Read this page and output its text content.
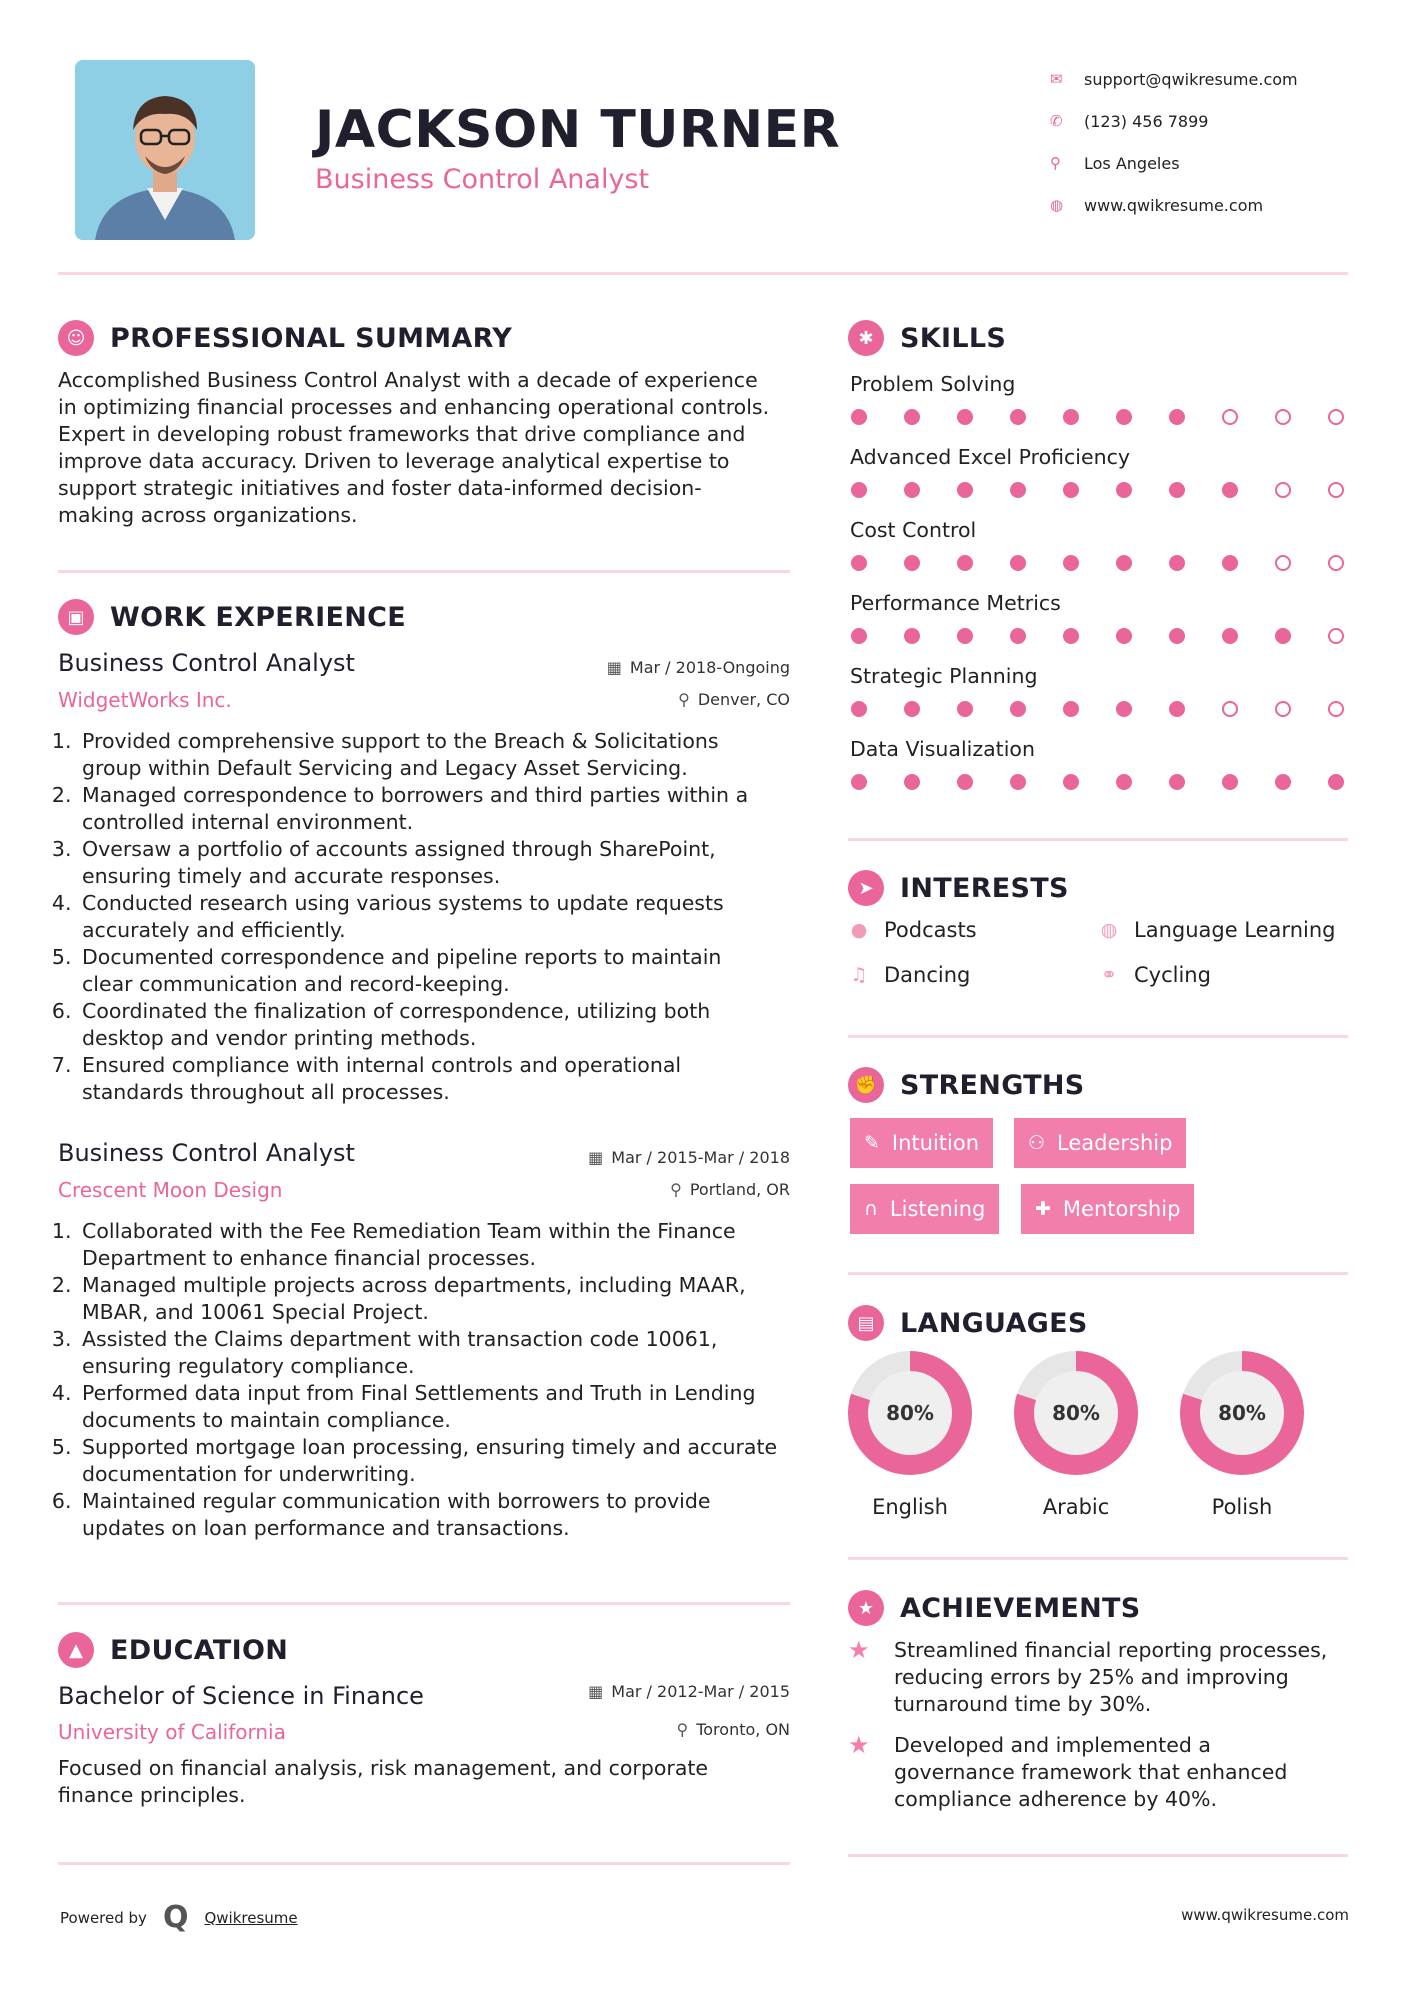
JACKSON TURNER
Business Control Analyst
✉	support@qwikresume.com
✆	(123) 456 7899
⚲	Los Angeles
◍	www.qwikresume.com
☺ PROFESSIONAL SUMMARY
Accomplished Business Control Analyst with a decade of experience
in optimizing financial processes and enhancing operational controls.
Expert in developing robust frameworks that drive compliance and
improve data accuracy. Driven to leverage analytical expertise to
support strategic initiatives and foster data-informed decision-
making across organizations.
▣ WORK EXPERIENCE
Business Control Analyst	▦ Mar / 2018-Ongoing
WidgetWorks Inc.	⚲ Denver, CO
1. Provided comprehensive support to the Breach & Solicitations
group within Default Servicing and Legacy Asset Servicing.
2. Managed correspondence to borrowers and third parties within a
controlled internal environment.
3. Oversaw a portfolio of accounts assigned through SharePoint,
ensuring timely and accurate responses.
4. Conducted research using various systems to update requests
accurately and efficiently.
5. Documented correspondence and pipeline reports to maintain
clear communication and record-keeping.
6. Coordinated the finalization of correspondence, utilizing both
desktop and vendor printing methods.
7. Ensured compliance with internal controls and operational
standards throughout all processes.
Business Control Analyst	▦ Mar / 2015-Mar / 2018
Crescent Moon Design	⚲ Portland, OR
1. Collaborated with the Fee Remediation Team within the Finance
Department to enhance financial processes.
2. Managed multiple projects across departments, including MAAR,
MBAR, and 10061 Special Project.
3. Assisted the Claims department with transaction code 10061,
ensuring regulatory compliance.
4. Performed data input from Final Settlements and Truth in Lending
documents to maintain compliance.
5. Supported mortgage loan processing, ensuring timely and accurate
documentation for underwriting.
6. Maintained regular communication with borrowers to provide
updates on loan performance and transactions.
▲	EDUCATION
Bachelor of Science in Finance	▦ Mar / 2012-Mar / 2015
University of California	⚲ Toronto, ON
Focused on financial analysis, risk management, and corporate
finance principles.
✱ SKILLS
Problem Solving
Advanced Excel Proficiency
Cost Control
Performance Metrics
Strategic Planning
Data Visualization
➤ INTERESTS
● Podcasts	◍ Language Learning
♫ Dancing	⚭ Cycling
✊ STRENGTHS
✎ Intuition	⚇ Leadership
∩ Listening	✚ Mentorship
▤ LANGUAGES
80%
English
80%
Arabic
80%
Polish
★ ACHIEVEMENTS
★	Streamlined financial reporting processes,
reducing errors by 25% and improving
turnaround time by 30%.
★	Developed and implemented a
governance framework that enhanced
compliance adherence by 40%.
Powered by Q Qwikresume	www.qwikresume.com
